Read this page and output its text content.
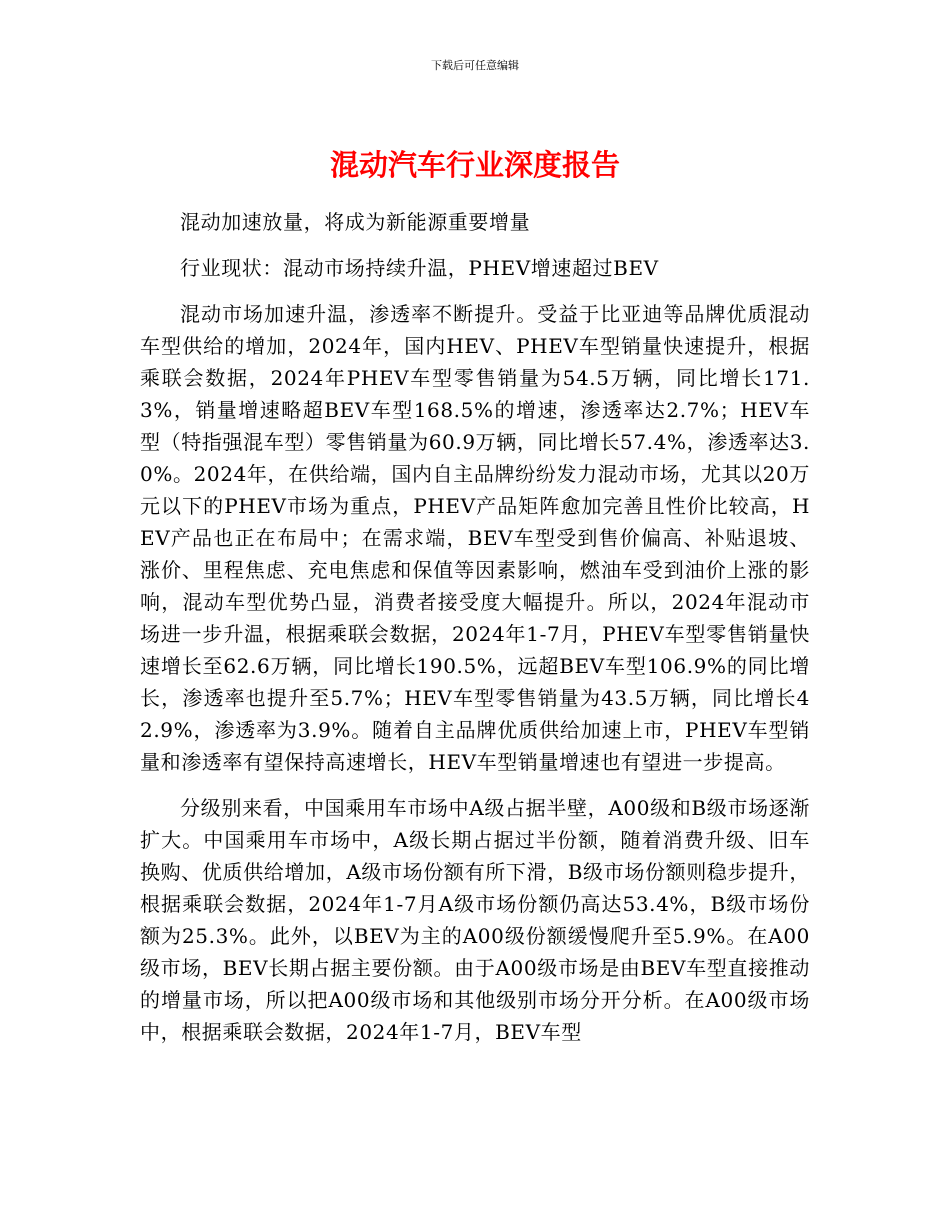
下载后可任意编辑
混动汽车行业深度报告

混动加速放量，将成为新能源重要增量

行业现状：混动市场持续升温，PHEV增速超过BEV

混动市场加速升温，渗透率不断提升。受益于比亚迪等品牌优质混动车型供给的增加，2024年，国内HEV、PHEV车型销量快速提升，根据乘联会数据，2024年PHEV车型零售销量为54.5万辆，同比增长171.3%，销量增速略超BEV车型168.5%的增速，渗透率达2.7%；HEV车型（特指强混车型）零售销量为60.9万辆，同比增长57.4%，渗透率达3.0%。2024年，在供给端，国内自主品牌纷纷发力混动市场，尤其以20万元以下的PHEV市场为重点，PHEV产品矩阵愈加完善且性价比较高，HEV产品也正在布局中；在需求端，BEV车型受到售价偏高、补贴退坡、涨价、里程焦虑、充电焦虑和保值等因素影响，燃油车受到油价上涨的影响，混动车型优势凸显，消费者接受度大幅提升。所以，2024年混动市场进一步升温，根据乘联会数据，2024年1-7月，PHEV车型零售销量快速增长至62.6万辆，同比增长190.5%，远超BEV车型106.9%的同比增长，渗透率也提升至5.7%；HEV车型零售销量为43.5万辆，同比增长42.9%，渗透率为3.9%。随着自主品牌优质供给加速上市，PHEV车型销量和渗透率有望保持高速增长，HEV车型销量增速也有望进一步提高。

分级别来看，中国乘用车市场中A级占据半壁，A00级和B级市场逐渐扩大。中国乘用车市场中，A级长期占据过半份额，随着消费升级、旧车换购、优质供给增加，A级市场份额有所下滑，B级市场份额则稳步提升，根据乘联会数据，2024年1-7月A级市场份额仍高达53.4%，B级市场份额为25.3%。此外，以BEV为主的A00级份额缓慢爬升至5.9%。在A00级市场，BEV长期占据主要份额。由于A00级市场是由BEV车型直接推动的增量市场，所以把A00级市场和其他级别市场分开分析。在A00级市场中，根据乘联会数据，2024年1-7月，BEV车型
